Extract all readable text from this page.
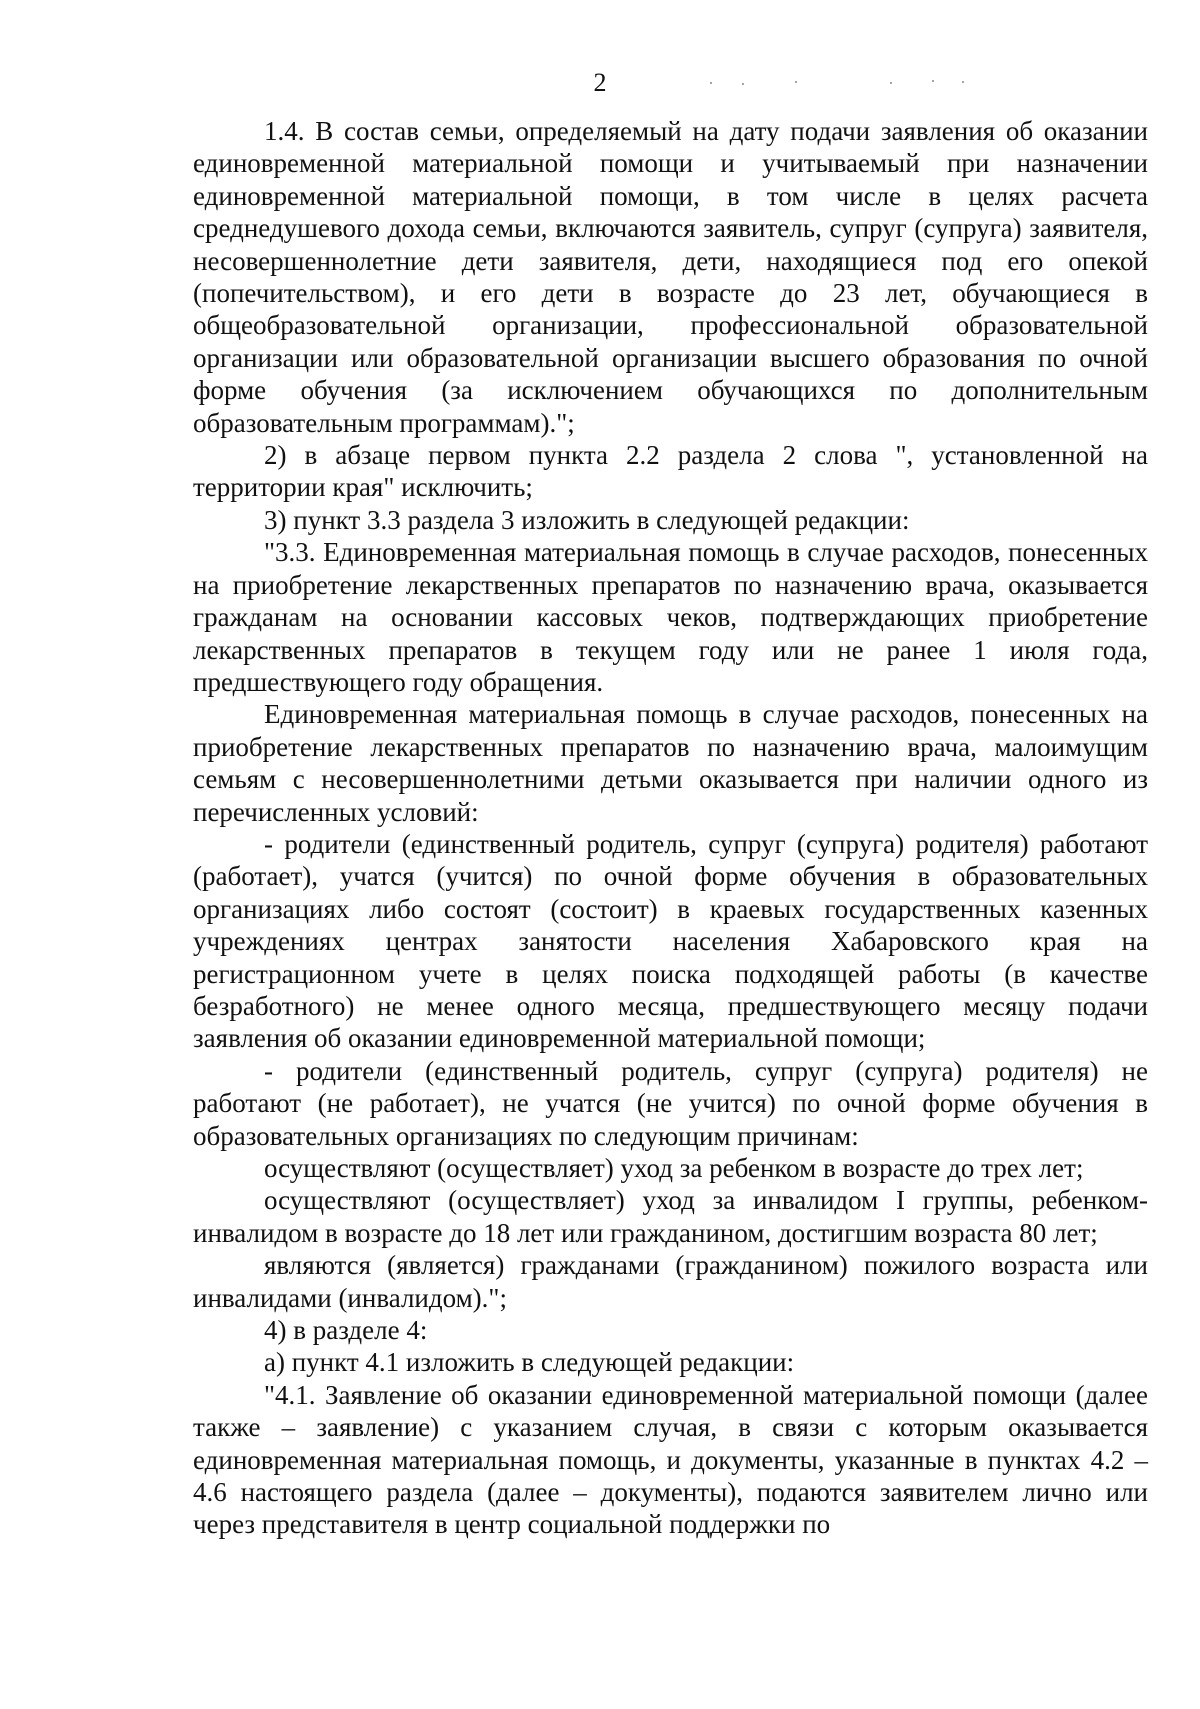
2

1.4. В состав семьи, определяемый на дату подачи заявления об оказании единовременной материальной помощи и учитываемый при назначении единовременной материальной помощи, в том числе в целях расчета среднедушевого дохода семьи, включаются заявитель, супруг (супруга) заявителя, несовершеннолетние дети заявителя, дети, находящиеся под его опекой (попечительством), и его дети в возрасте до 23 лет, обучающиеся в общеобразовательной организации, профессиональной образовательной организации или образовательной организации высшего образования по очной форме обучения (за исключением обучающихся по дополнительным образовательным программам).";

2) в абзаце первом пункта 2.2 раздела 2 слова ", установленной на территории края" исключить;

3) пункт 3.3 раздела 3 изложить в следующей редакции:

"3.3. Единовременная материальная помощь в случае расходов, понесенных на приобретение лекарственных препаратов по назначению врача, оказывается гражданам на основании кассовых чеков, подтверждающих приобретение лекарственных препаратов в текущем году или не ранее 1 июля года, предшествующего году обращения.

Единовременная материальная помощь в случае расходов, понесенных на приобретение лекарственных препаратов по назначению врача, малоимущим семьям с несовершеннолетними детьми оказывается при наличии одного из перечисленных условий:

- родители (единственный родитель, супруг (супруга) родителя) работают (работает), учатся (учится) по очной форме обучения в образовательных организациях либо состоят (состоит) в краевых государственных казенных учреждениях центрах занятости населения Хабаровского края на регистрационном учете в целях поиска подходящей работы (в качестве безработного) не менее одного месяца, предшествующего месяцу подачи заявления об оказании единовременной материальной помощи;

- родители (единственный родитель, супруг (супруга) родителя) не работают (не работает), не учатся (не учится) по очной форме обучения в образовательных организациях по следующим причинам:

осуществляют (осуществляет) уход за ребенком в возрасте до трех лет;

осуществляют (осуществляет) уход за инвалидом I группы, ребенком-инвалидом в возрасте до 18 лет или гражданином, достигшим возраста 80 лет;

являются (является) гражданами (гражданином) пожилого возраста или инвалидами (инвалидом).";

4) в разделе 4:

а) пункт 4.1 изложить в следующей редакции:

"4.1. Заявление об оказании единовременной материальной помощи (далее также – заявление) с указанием случая, в связи с которым оказывается единовременная материальная помощь, и документы, указанные в пунктах 4.2 – 4.6 настоящего раздела (далее – документы), подаются заявителем лично или через представителя в центр социальной поддержки по
